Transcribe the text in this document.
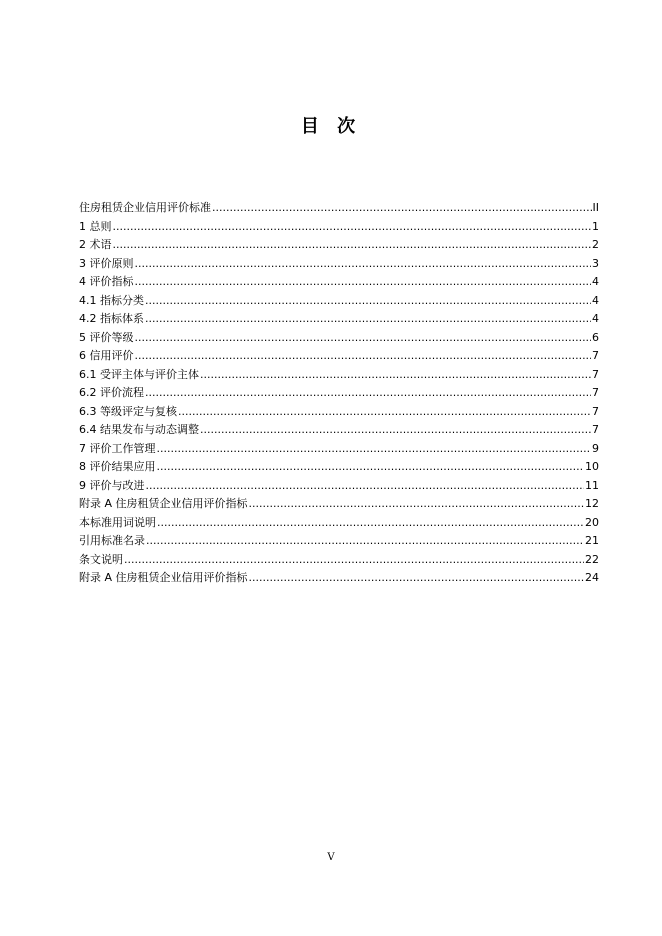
目 次
住房租赁企业信用评价标准 .....	II
1 总则 .....	1
2 术语 .....	2
3 评价原则 .....	3
4 评价指标 .....	4
4.1 指标分类 .....	4
4.2 指标体系 .....	4
5 评价等级 .....	6
6 信用评价 .....	7
6.1 受评主体与评价主体 .....	7
6.2 评价流程 .....	7
6.3 等级评定与复核 .....	7
6.4 结果发布与动态调整 .....	7
7 评价工作管理 .....	9
8 评价结果应用 .....	10
9 评价与改进 .....	11
附录 A 住房租赁企业信用评价指标 .....	12
本标准用词说明 .....	20
引用标准名录 .....	21
条文说明 .....	22
附录 A 住房租赁企业信用评价指标 .....	24
V
